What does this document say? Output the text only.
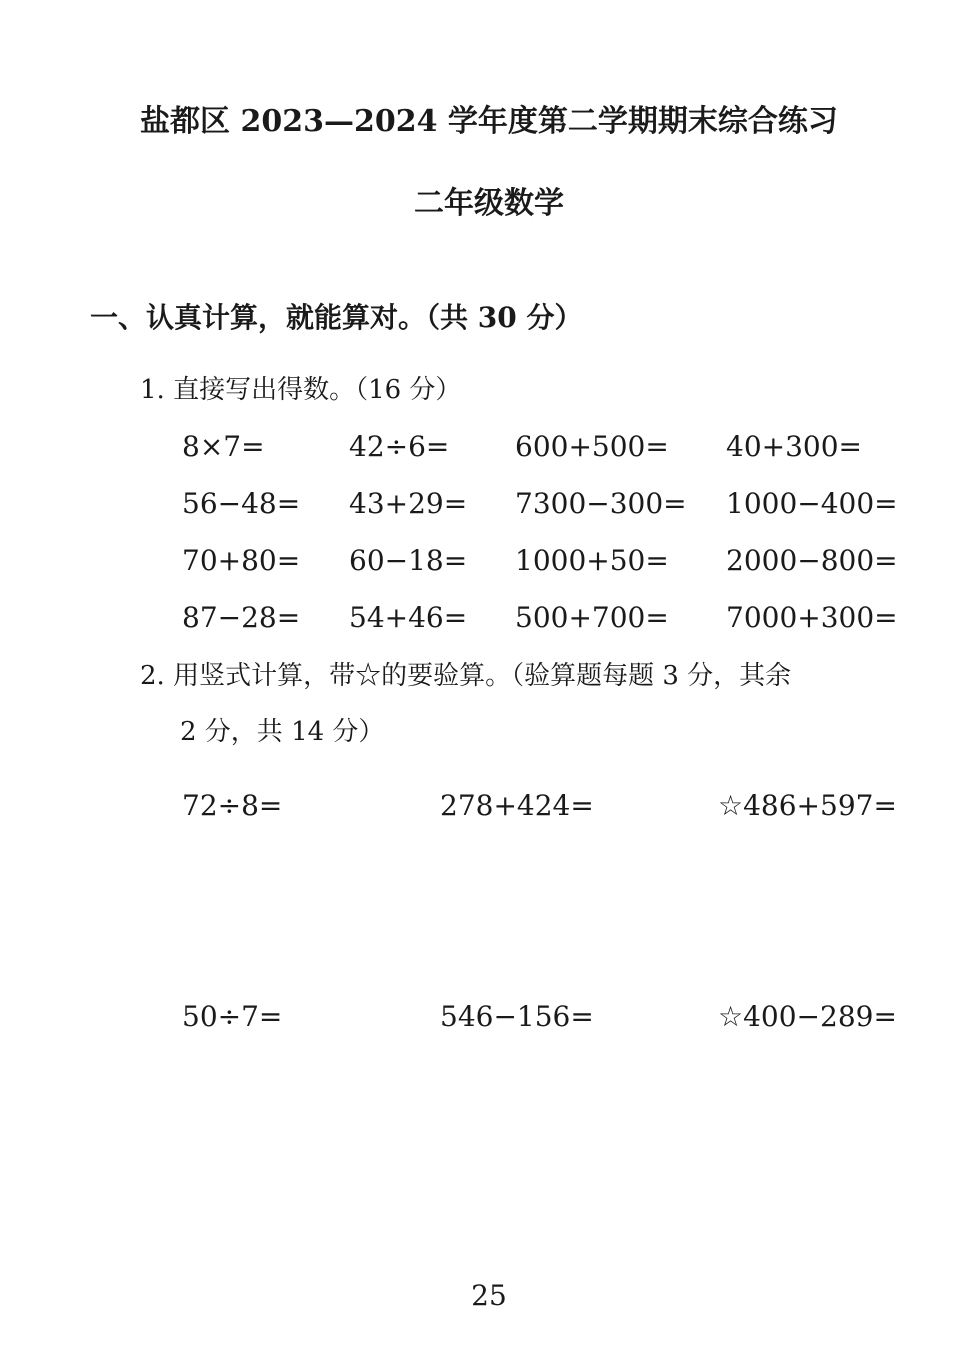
盐都区 2023—2024 学年度第二学期期末综合练习
二年级数学
一、认真计算，就能算对。（共 30 分）
1. 直接写出得数。（16 分）
8×7=	42÷6= 600+500= 40+300=
56−48= 43+29= 7300−300= 1000−400=
70+80= 60−18= 1000+50= 2000−800=
87−28= 54+46= 500+700= 7000+300=
2. 用竖式计算，带☆的要验算。（验算题每题 3 分，其余
2 分，共 14 分）
72÷8=	278+424=	☆486+597=
50÷7=	546−156=	☆400−289=
25
